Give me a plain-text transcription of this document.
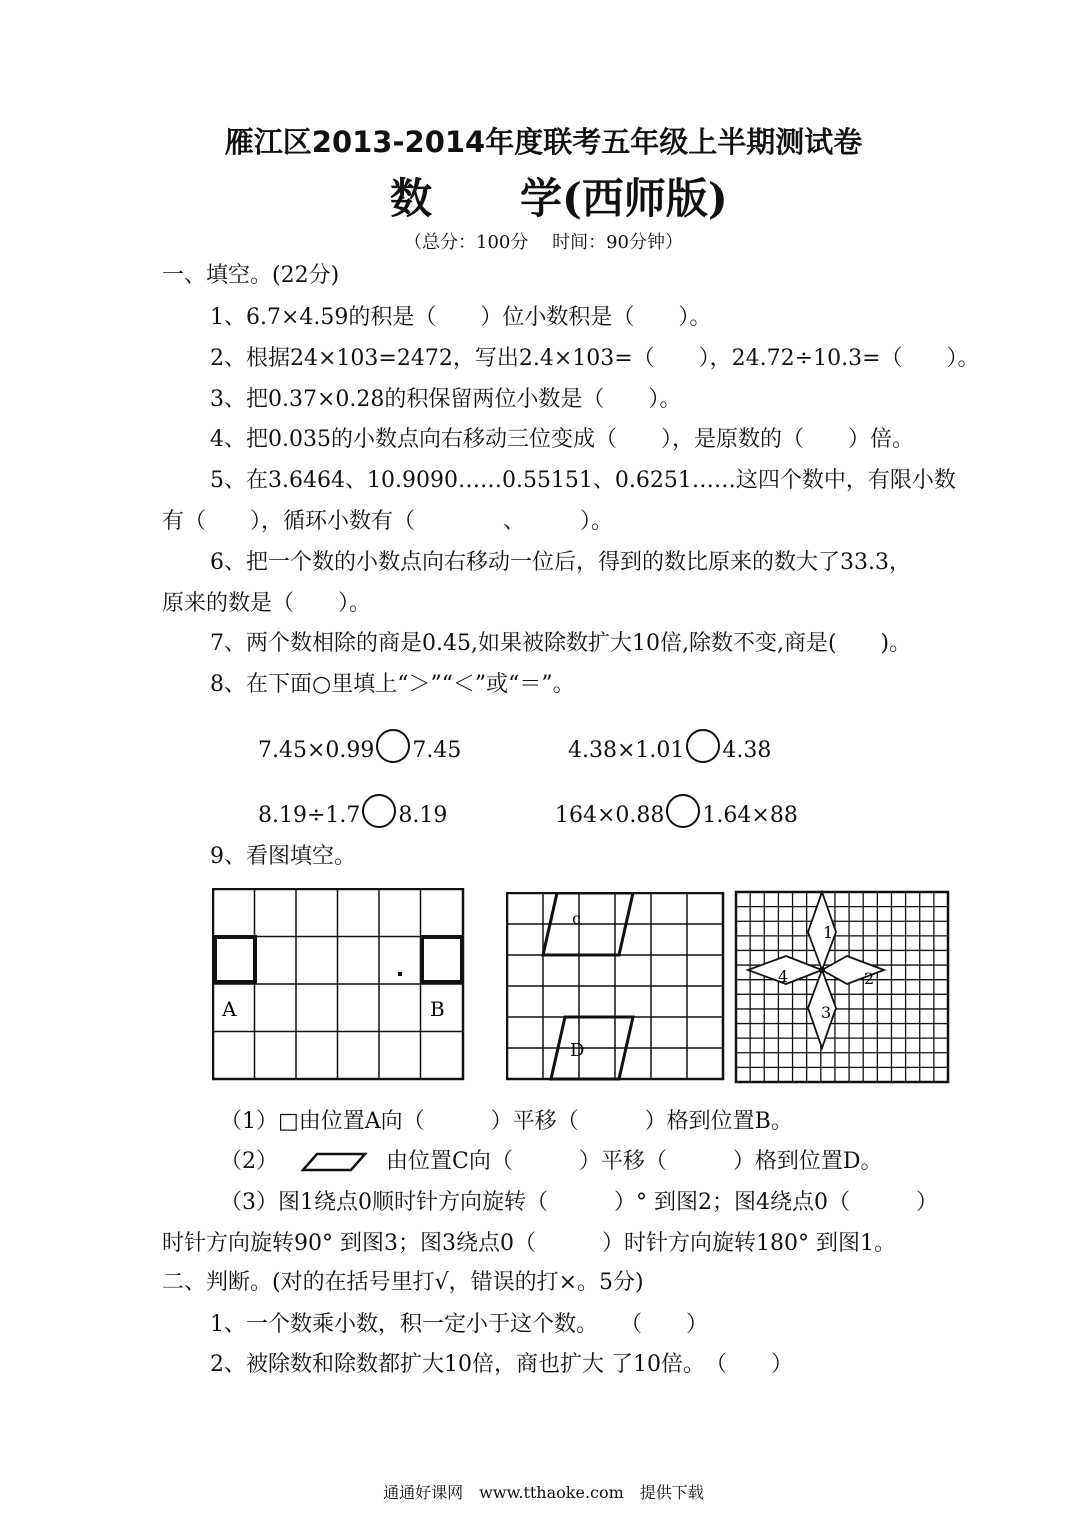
雁江区2013-2014年度联考五年级上半期测试卷
数 学(西师版)
（总分：100分　 时间：90分钟）
一、填空。(22分)
1、6.7×4.59的积是（　　）位小数积是（　　）。
2、根据24×103=2472，写出2.4×103=（　　），24.72÷10.3=（　　）。
3、把0.37×0.28的积保留两位小数是（　　）。
4、把0.035的小数点向右移动三位变成（　　），是原数的（　　）倍。
5、在3.6464、10.9090……0.55151、0.6251……这四个数中，有限小数
有（　　），循环小数有（　　　　、　　　）。
6、把一个数的小数点向右移动一位后，得到的数比原来的数大了33.3，
原来的数是（　　）。
7、两个数相除的商是0.45,如果被除数扩大10倍,除数不变,商是(　　)。
8、在下面○里填上“＞”“＜”或“＝”。
7.45×0.99 7.45	4.38×1.01 4.38
8.19÷1.7 8.19	164×0.88 1.64×88
9、看图填空。
A	B
c
D
1
2
3
4
（1）□由位置A向（　　　）平移（　　　）格到位置B。
（2）	由位置C向（　　　）平移（　　　）格到位置D。
（3）图1绕点0顺时针方向旋转（　　　）° 到图2；图4绕点0（　　　）
时针方向旋转90° 到图3；图3绕点0（　　　）时针方向旋转180° 到图1。
二、判断。(对的在括号里打√，错误的打×。5分)
1、一个数乘小数，积一定小于这个数。　　（　　）
2、被除数和除数都扩大10倍，商也扩大 了10倍。　（　　）
通通好课网　www.tthaoke.com　提供下载
